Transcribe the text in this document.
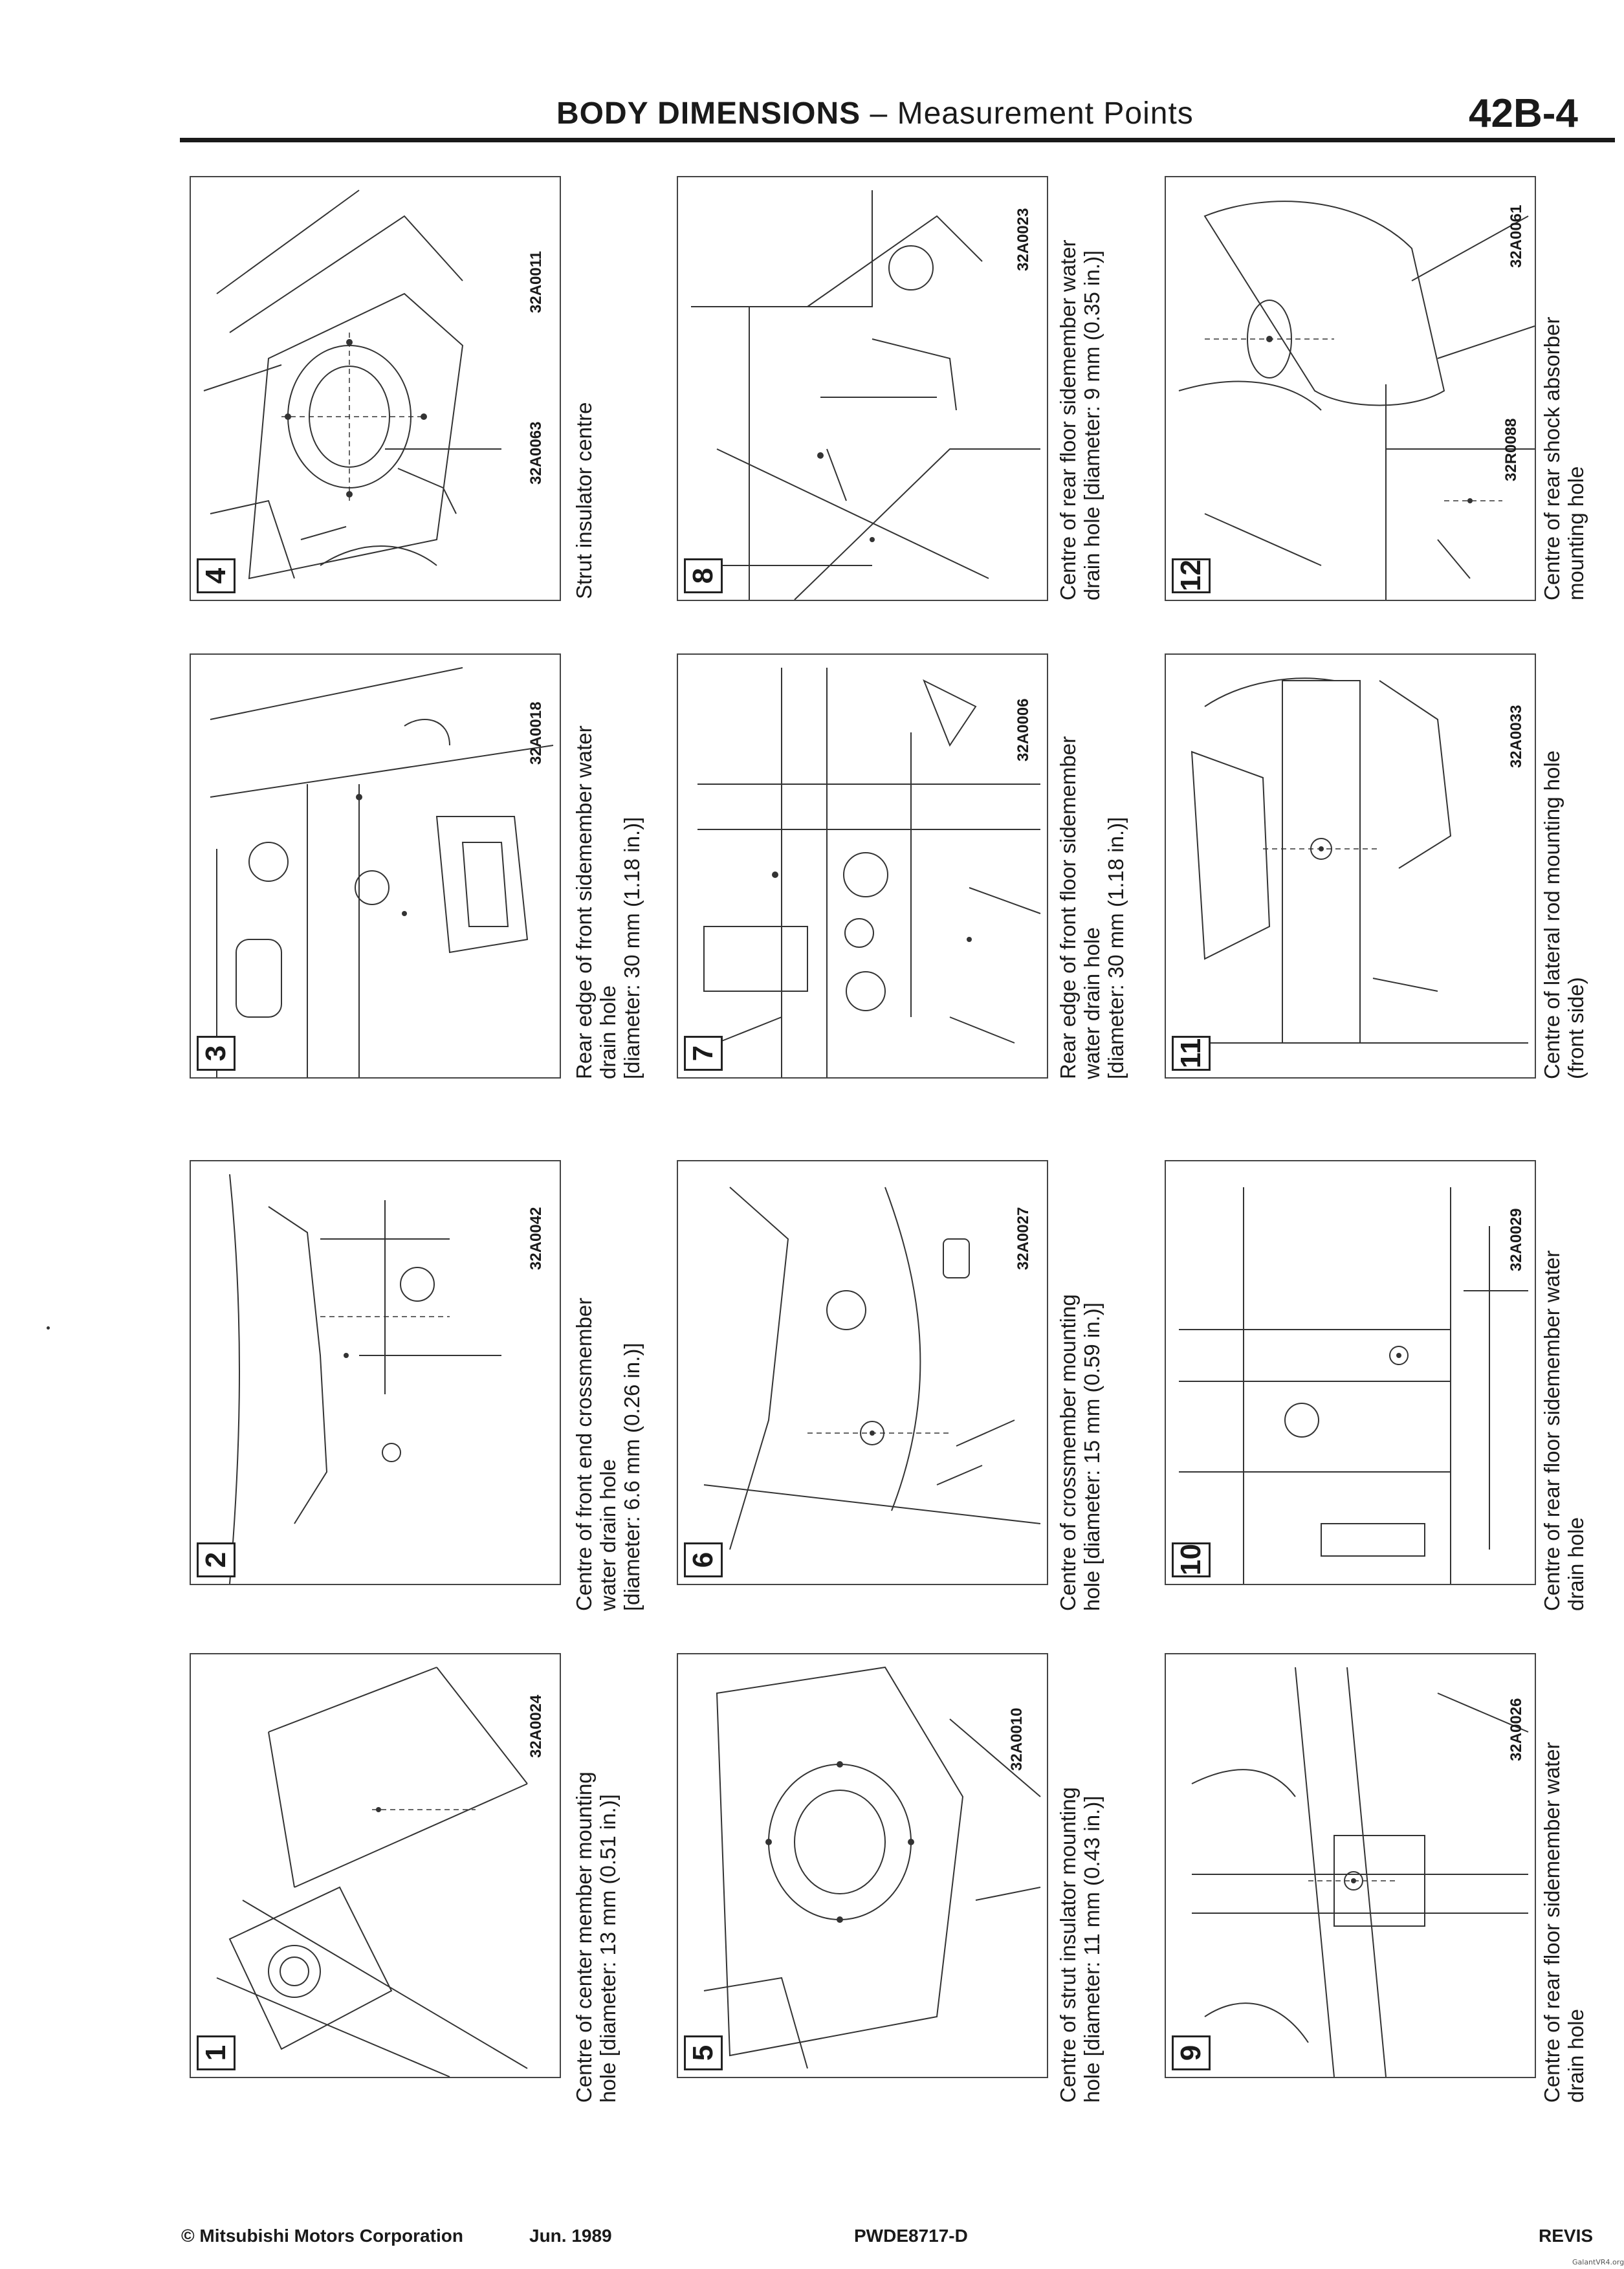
BODY DIMENSIONS – Measurement Points	42B-4
4
32A0011
32A0063 Strut insulator centre	8
32A0023
Centre of rear floor sidemember water drain hole [diameter: 9 mm (0.35 in.)]	12
32A0061
32R0088 Centre of rear shock absorber mounting hole
3
32A0018 Rear edge of front sidemember water drain hole [diameter: 30 mm (1.18 in.)] 7
32A0006
Rear edge of front floor sidemember water drain hole [diameter: 30 mm (1.18 in.)] 11
32A0033
Centre of lateral rod mounting hole (front side)
2
32A0042
Centre of front end crossmember water drain hole [diameter: 6.6 mm (0.26 in.)] 6
32A0027
Centre of crossmember mounting hole [diameter: 15 mm (0.59 in.)]	10
32A0029
Centre of rear floor sidemember water drain hole
1
32A0024
Centre of center member mounting hole [diameter: 13 mm (0.51 in.)] 5
32A0010
Centre of strut insulator mounting hole [diameter: 11 mm (0.43 in.)]	9
32A0026
Centre of rear floor sidemember water drain hole
© Mitsubishi Motors Corporation	Jun. 1989	PWDE8717-D	REVIS
GalantVR4.org
